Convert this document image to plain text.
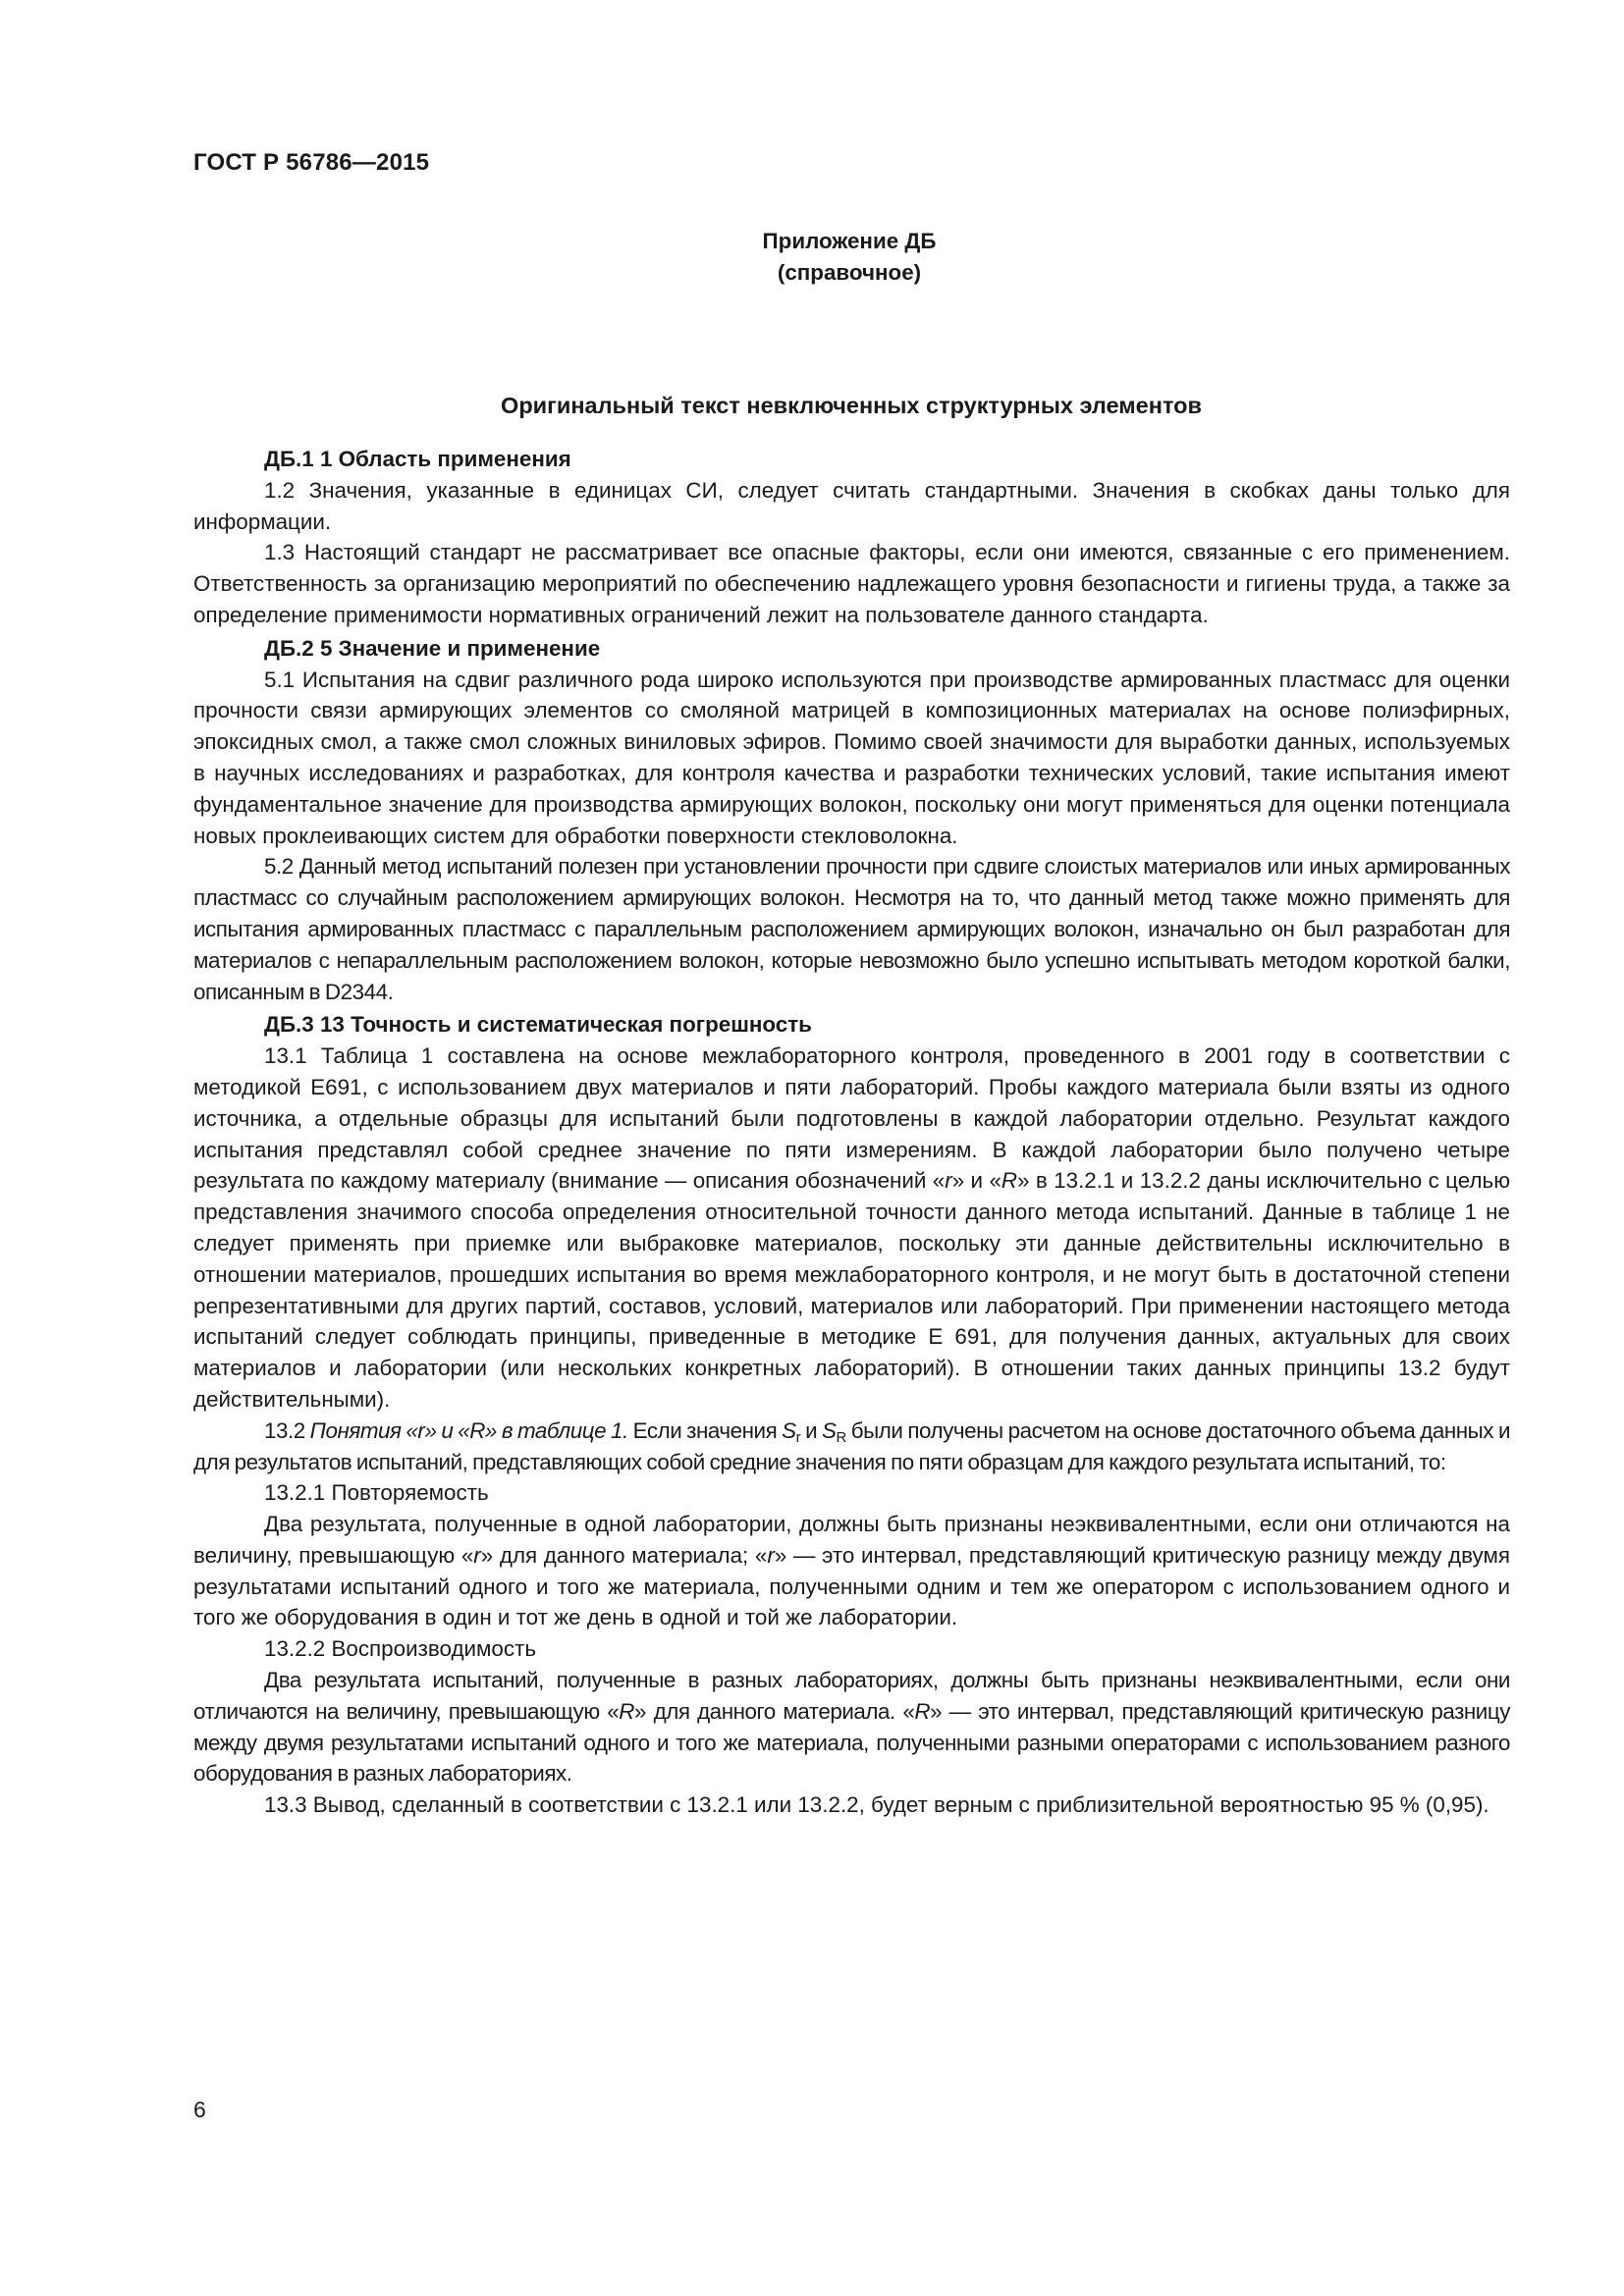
ГОСТ Р 56786—2015
Приложение ДБ
(справочное)
Оригинальный текст невключенных структурных элементов

ДБ.1 1 Область применения

1.2 Значения, указанные в единицах СИ, следует считать стандартными. Значения в скобках даны только для информации.

1.3 Настоящий стандарт не рассматривает все опасные факторы, если они имеются, связанные с его применением. Ответственность за организацию мероприятий по обеспечению надлежащего уровня безопасности и гигиены труда, а также за определение применимости нормативных ограничений лежит на пользователе данного стандарта.

ДБ.2 5 Значение и применение

5.1 Испытания на сдвиг различного рода широко используются при производстве армированных пластмасс для оценки прочности связи армирующих элементов со смоляной матрицей в композиционных материалах на основе полиэфирных, эпоксидных смол, а также смол сложных виниловых эфиров. Помимо своей значимости для выработки данных, используемых в научных исследованиях и разработках, для контроля качества и разработки технических условий, такие испытания имеют фундаментальное значение для производства армирующих волокон, поскольку они могут применяться для оценки потенциала новых проклеивающих систем для обработки поверхности стекловолокна.

5.2 Данный метод испытаний полезен при установлении прочности при сдвиге слоистых материалов или иных армированных пластмасс со случайным расположением армирующих волокон. Несмотря на то, что данный метод также можно применять для испытания армированных пластмасс с параллельным расположением армирующих волокон, изначально он был разработан для материалов с непараллельным расположением волокон, которые невозможно было успешно испытывать методом короткой балки, описанным в D2344.

ДБ.3 13 Точность и систематическая погрешность

13.1 Таблица 1 составлена на основе межлабораторного контроля, проведенного в 2001 году в соответствии с методикой E691, с использованием двух материалов и пяти лабораторий. Пробы каждого материала были взяты из одного источника, а отдельные образцы для испытаний были подготовлены в каждой лаборатории отдельно. Результат каждого испытания представлял собой среднее значение по пяти измерениям. В каждой лаборатории было получено четыре результата по каждому материалу (внимание — описания обозначений «r» и «R» в 13.2.1 и 13.2.2 даны исключительно с целью представления значимого способа определения относительной точности данного метода испытаний. Данные в таблице 1 не следует применять при приемке или выбраковке материалов, поскольку эти данные действительны исключительно в отношении материалов, прошедших испытания во время межлабораторного контроля, и не могут быть в достаточной степени репрезентативными для других партий, составов, условий, материалов или лабораторий. При применении настоящего метода испытаний следует соблюдать принципы, приведенные в методике E 691, для получения данных, актуальных для своих материалов и лаборатории (или нескольких конкретных лабораторий). В отношении таких данных принципы 13.2 будут действительными).

13.2 Понятия «r» и «R» в таблице 1. Если значения $S_r$ и $S_R$ были получены расчетом на основе достаточного объема данных и для результатов испытаний, представляющих собой средние значения по пяти образцам для каждого результата испытаний, то:

13.2.1 Повторяемость

Два результата, полученные в одной лаборатории, должны быть признаны неэквивалентными, если они отличаются на величину, превышающую «r» для данного материала; «r» — это интервал, представляющий критическую разницу между двумя результатами испытаний одного и того же материала, полученными одним и тем же оператором с использованием одного и того же оборудования в один и тот же день в одной и той же лаборатории.

13.2.2 Воспроизводимость

Два результата испытаний, полученные в разных лабораториях, должны быть признаны неэквивалентными, если они отличаются на величину, превышающую «R» для данного материала. «R» — это интервал, представляющий критическую разницу между двумя результатами испытаний одного и того же материала, полученными разными операторами с использованием разного оборудования в разных лабораториях.

13.3 Вывод, сделанный в соответствии с 13.2.1 или 13.2.2, будет верным с приблизительной вероятностью 95 % (0,95).

6
